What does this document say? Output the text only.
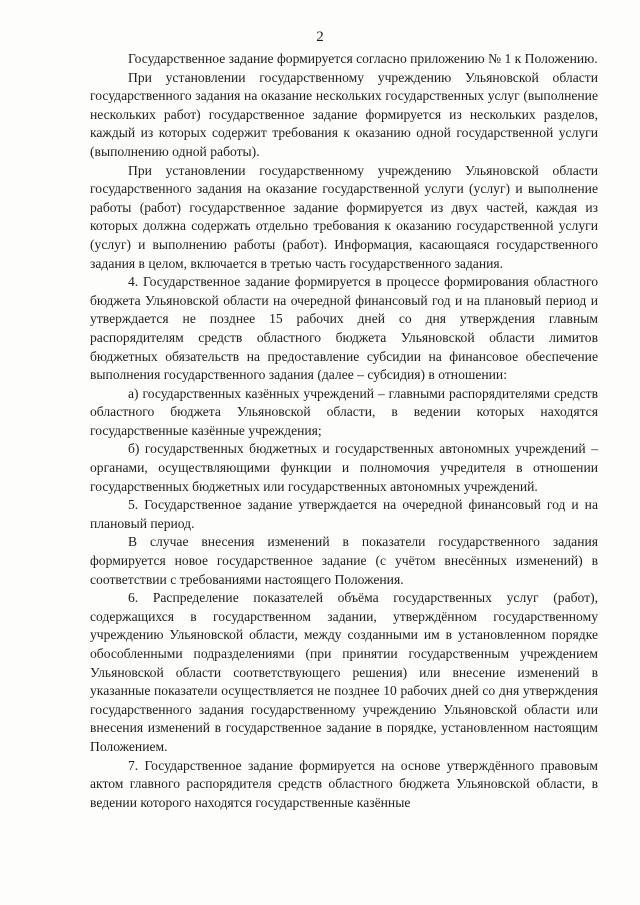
2

Государственное задание формируется согласно приложению № 1 к Положению.

При установлении государственному учреждению Ульяновской области государственного задания на оказание нескольких государственных услуг (выполнение нескольких работ) государственное задание формируется из нескольких разделов, каждый из которых содержит требования к оказанию одной государственной услуги (выполнению одной работы).

При установлении государственному учреждению Ульяновской области государственного задания на оказание государственной услуги (услуг) и выполнение работы (работ) государственное задание формируется из двух частей, каждая из которых должна содержать отдельно требования к оказанию государственной услуги (услуг) и выполнению работы (работ). Информация, касающаяся государственного задания в целом, включается в третью часть государственного задания.

4. Государственное задание формируется в процессе формирования областного бюджета Ульяновской области на очередной финансовый год и на плановый период и утверждается не позднее 15 рабочих дней со дня утверждения главным распорядителям средств областного бюджета Ульяновской области лимитов бюджетных обязательств на предоставление субсидии на финансовое обеспечение выполнения государственного задания (далее – субсидия) в отношении:

а) государственных казённых учреждений – главными распорядителями средств областного бюджета Ульяновской области, в ведении которых находятся государственные казённые учреждения;

б) государственных бюджетных и государственных автономных учреждений – органами, осуществляющими функции и полномочия учредителя в отношении государственных бюджетных или государственных автономных учреждений.

5. Государственное задание утверждается на очередной финансовый год и на плановый период.

В случае внесения изменений в показатели государственного задания формируется новое государственное задание (с учётом внесённых изменений) в соответствии с требованиями настоящего Положения.

6. Распределение показателей объёма государственных услуг (работ), содержащихся в государственном задании, утверждённом государственному учреждению Ульяновской области, между созданными им в установленном порядке обособленными подразделениями (при принятии государственным учреждением Ульяновской области соответствующего решения) или внесение изменений в указанные показатели осуществляется не позднее 10 рабочих дней со дня утверждения государственного задания государственному учреждению Ульяновской области или внесения изменений в государственное задание в порядке, установленном настоящим Положением.

7. Государственное задание формируется на основе утверждённого правовым актом главного распорядителя средств областного бюджета Ульяновской области, в ведении которого находятся государственные казённые
